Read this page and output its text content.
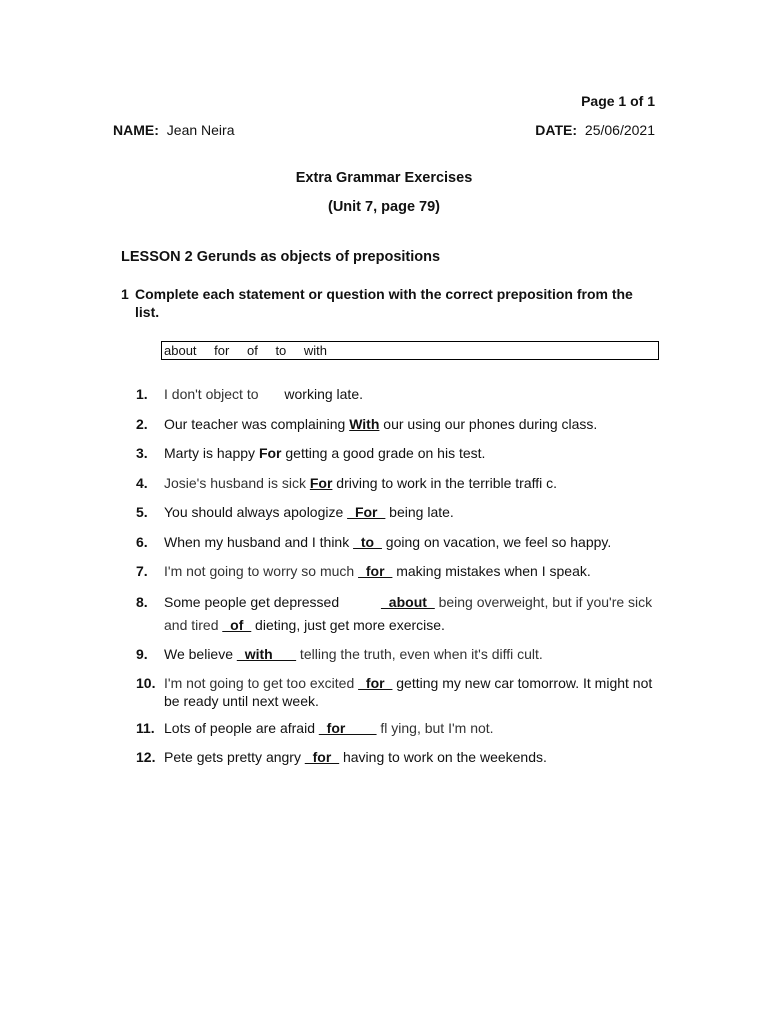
Page 1 of 1
NAME: Jean Neira	DATE: 25/06/2021
Extra Grammar Exercises
(Unit 7, page 79)
LESSON 2 Gerunds as objects of prepositions
1 Complete each statement or question with the correct preposition from the list.
about for of to with
1. I don't object to working late.
2. Our teacher was complaining With our using our phones during class.
3. Marty is happy For getting a good grade on his test.
4. Josie's husband is sick For driving to work in the terrible traffi c.
5. You should always apologize _For_ being late.
6. When my husband and I think _to_ going on vacation, we feel so happy.
7. I'm not going to worry so much _for_ making mistakes when I speak.
8. Some people get depressed	_about_ being overweight, but if you're sick and tired _of_ dieting, just get more exercise.
9. We believe _with___ telling the truth, even when it's diffi cult.
10. I'm not going to get too excited _for_ getting my new car tomorrow. It might not be ready until next week.
11. Lots of people are afraid _for____ fl ying, but I'm not.
12. Pete gets pretty angry _for_ having to work on the weekends.
